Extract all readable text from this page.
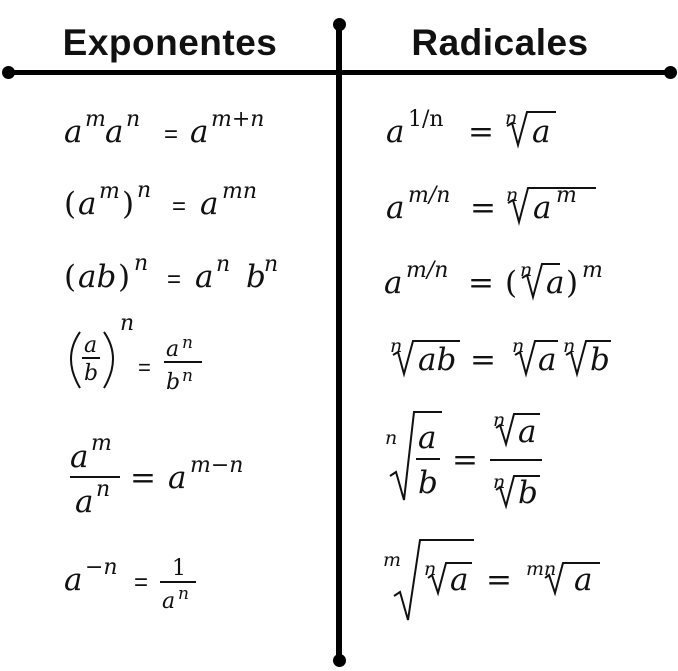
Exponentes	Radicales
a m a n
= a m+n
( a m ) n
= a mn
( ab ) n
= a n b
n
a
b
n
=
a n
b n
a m
a n = a m−n
a −n
=
1
a n
a 1/n = n a
a m/n = n a m
a m/n = ( n a ) m
n ab = n a n b
n a
b
=
n a
n b
m n a = mn a
